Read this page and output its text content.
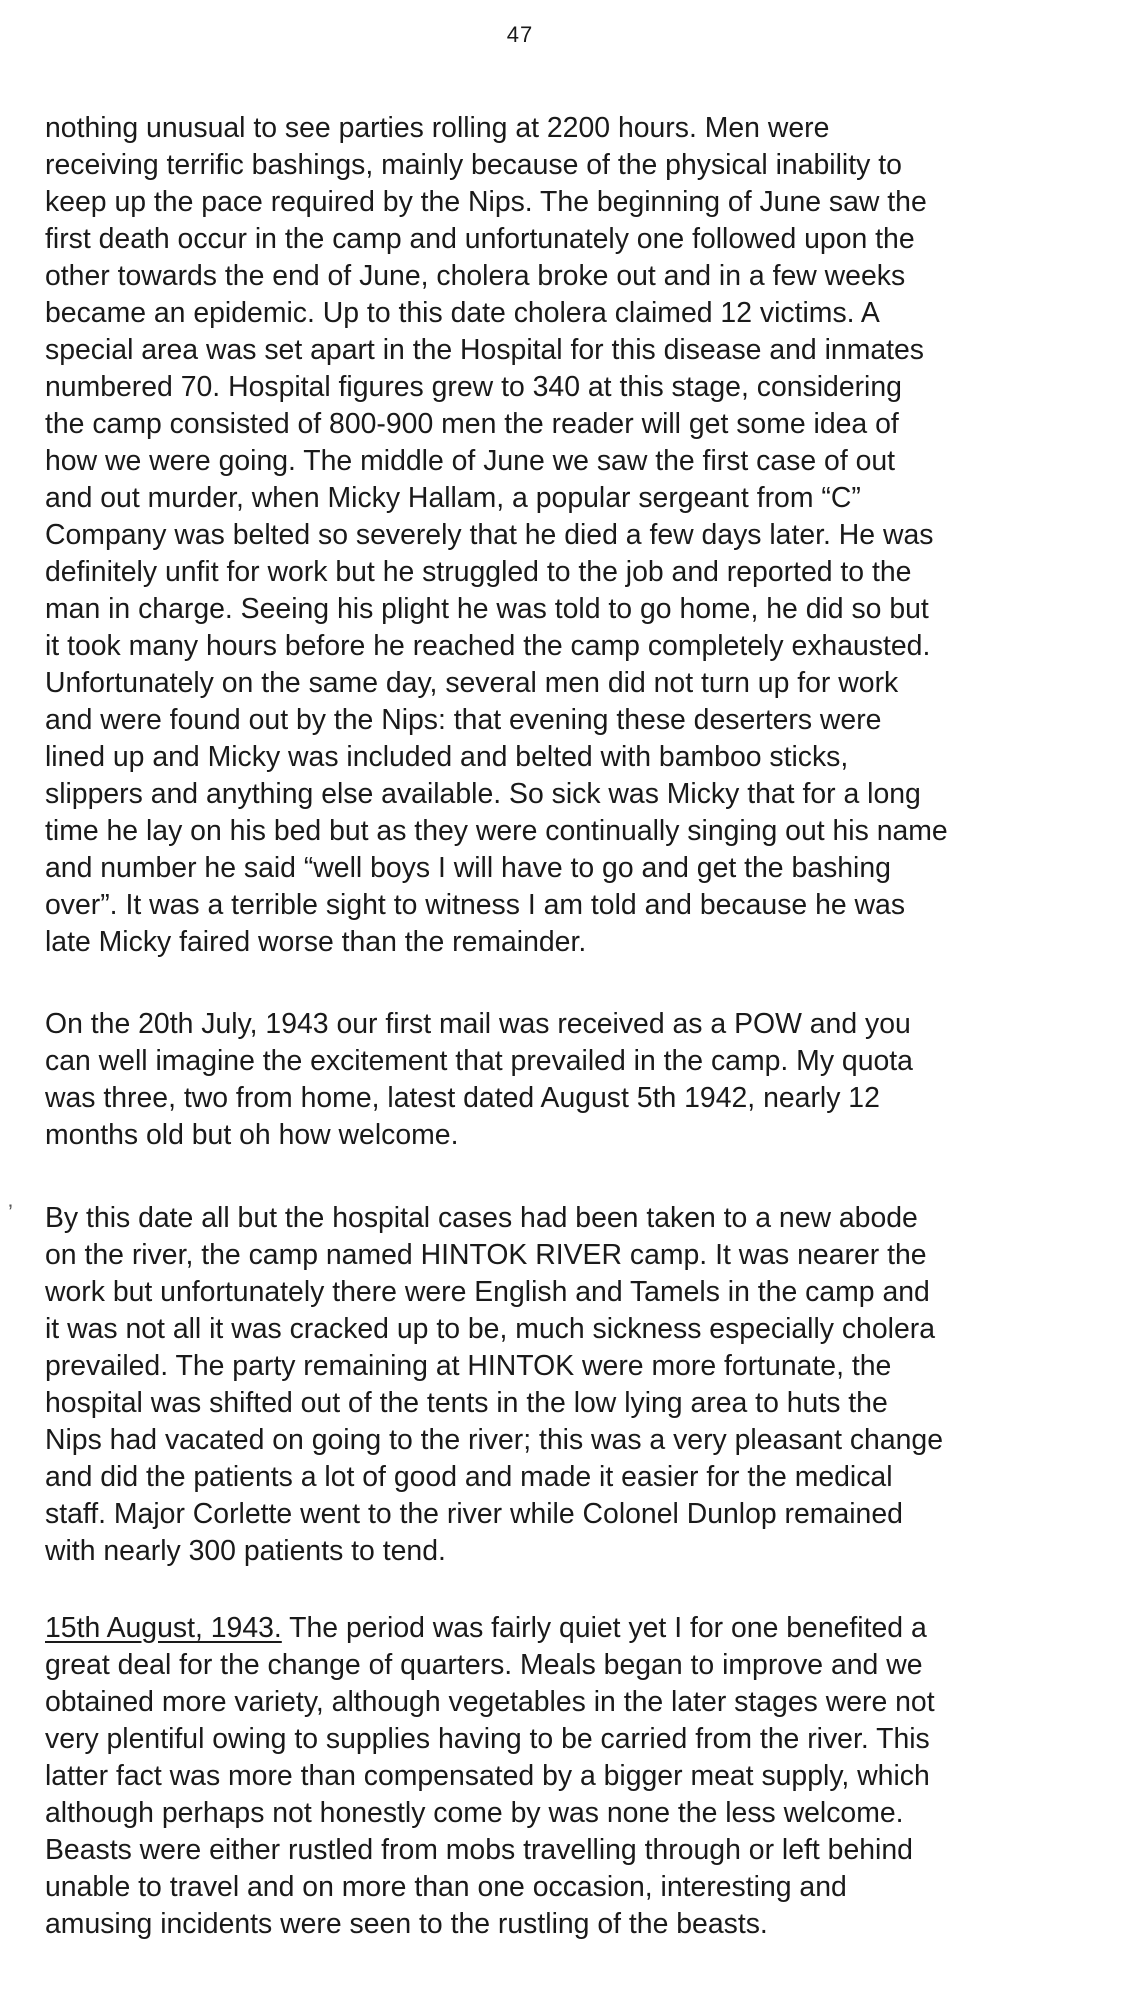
47
’

nothing unusual to see parties rolling at 2200 hours. Men were
receiving terrific bashings, mainly because of the physical inability to
keep up the pace required by the Nips. The beginning of June saw the
first death occur in the camp and unfortunately one followed upon the
other towards the end of June, cholera broke out and in a few weeks
became an epidemic. Up to this date cholera claimed 12 victims. A
special area was set apart in the Hospital for this disease and inmates
numbered 70. Hospital figures grew to 340 at this stage, considering
the camp consisted of 800-900 men the reader will get some idea of
how we were going. The middle of June we saw the first case of out
and out murder, when Micky Hallam, a popular sergeant from “C”
Company was belted so severely that he died a few days later. He was
definitely unfit for work but he struggled to the job and reported to the
man in charge. Seeing his plight he was told to go home, he did so but
it took many hours before he reached the camp completely exhausted.
Unfortunately on the same day, several men did not turn up for work
and were found out by the Nips: that evening these deserters were
lined up and Micky was included and belted with bamboo sticks,
slippers and anything else available. So sick was Micky that for a long
time he lay on his bed but as they were continually singing out his name
and number he said “well boys I will have to go and get the bashing
over”. It was a terrible sight to witness I am told and because he was
late Micky faired worse than the remainder.

On the 20th July, 1943 our first mail was received as a POW and you
can well imagine the excitement that prevailed in the camp. My quota
was three, two from home, latest dated August 5th 1942, nearly 12
months old but oh how welcome.

By this date all but the hospital cases had been taken to a new abode
on the river, the camp named HINTOK RIVER camp. It was nearer the
work but unfortunately there were English and Tamels in the camp and
it was not all it was cracked up to be, much sickness especially cholera
prevailed. The party remaining at HINTOK were more fortunate, the
hospital was shifted out of the tents in the low lying area to huts the
Nips had vacated on going to the river; this was a very pleasant change
and did the patients a lot of good and made it easier for the medical
staff. Major Corlette went to the river while Colonel Dunlop remained
with nearly 300 patients to tend.

15th August, 1943. The period was fairly quiet yet I for one benefited a
great deal for the change of quarters. Meals began to improve and we
obtained more variety, although vegetables in the later stages were not
very plentiful owing to supplies having to be carried from the river. This
latter fact was more than compensated by a bigger meat supply, which
although perhaps not honestly come by was none the less welcome.
Beasts were either rustled from mobs travelling through or left behind
unable to travel and on more than one occasion, interesting and
amusing incidents were seen to the rustling of the beasts.
